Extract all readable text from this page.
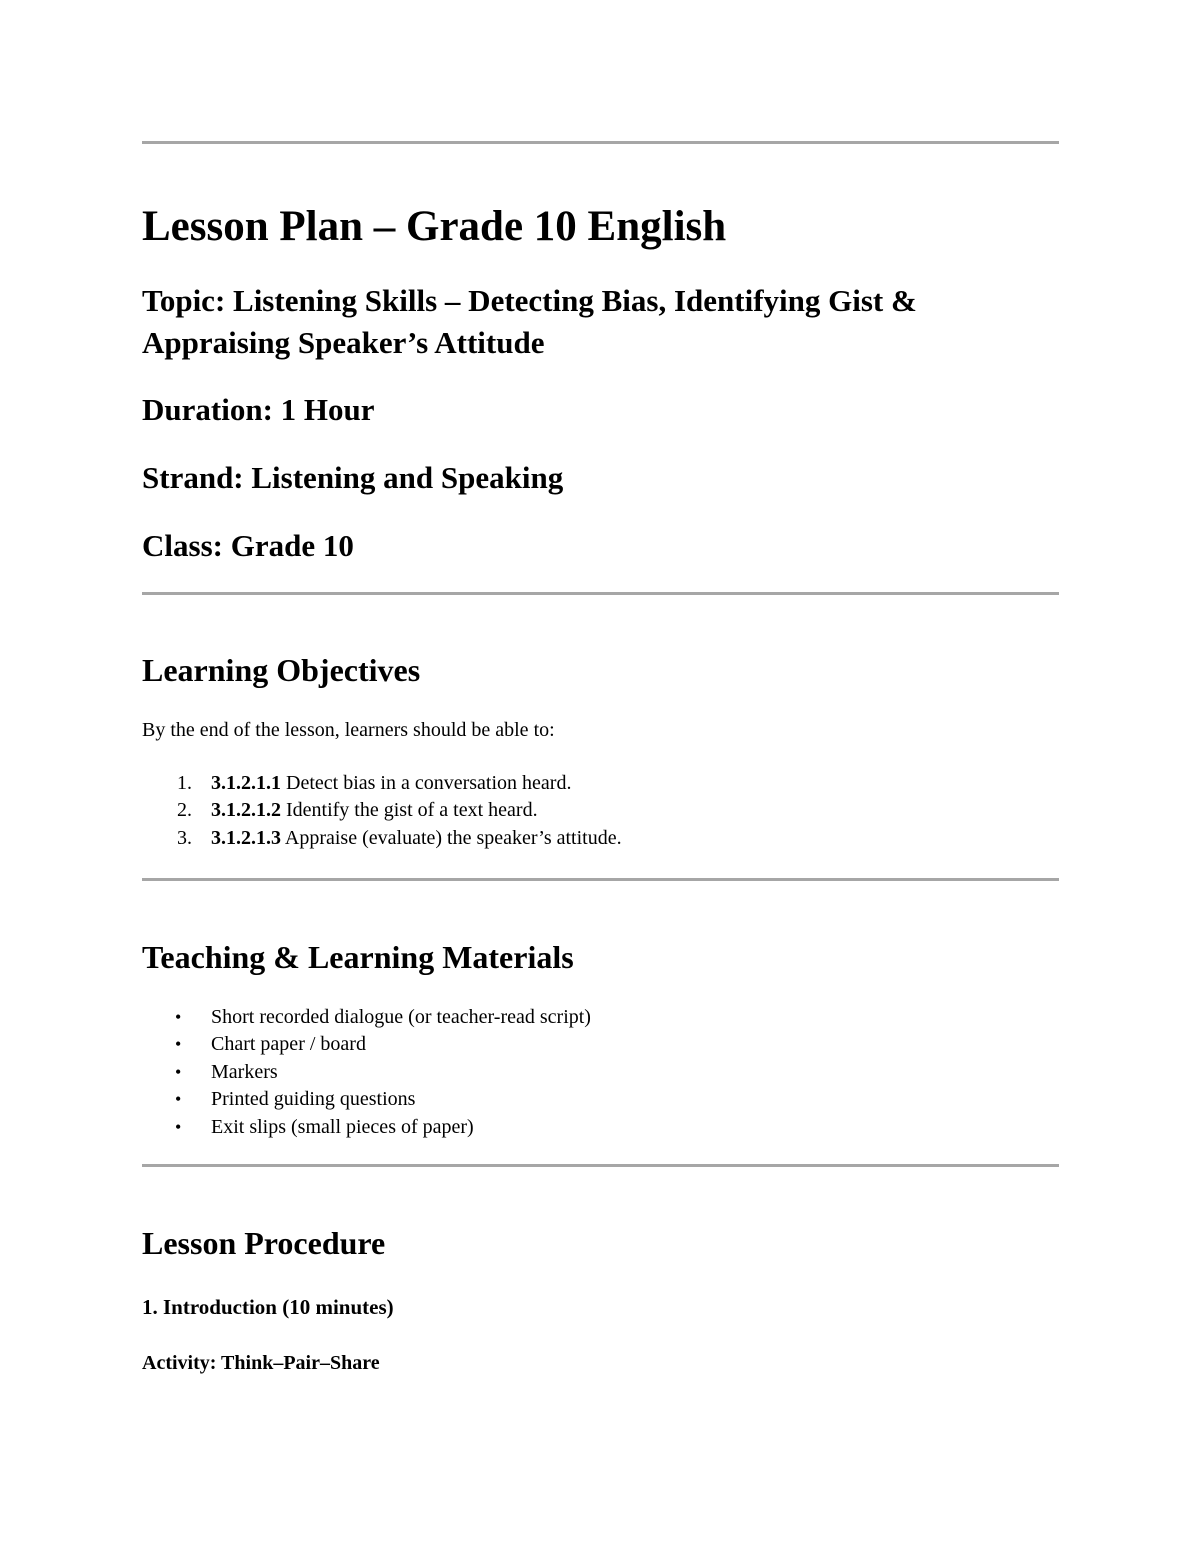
Lesson Plan – Grade 10 English
Topic: Listening Skills – Detecting Bias, Identifying Gist & Appraising Speaker’s Attitude
Duration: 1 Hour
Strand: Listening and Speaking
Class: Grade 10
Learning Objectives

By the end of the lesson, learners should be able to:

1. 3.1.2.1.1 Detect bias in a conversation heard.
2. 3.1.2.1.2 Identify the gist of a text heard.
3. 3.1.2.1.3 Appraise (evaluate) the speaker’s attitude.
Teaching & Learning Materials
• Short recorded dialogue (or teacher-read script)
• Chart paper / board
• Markers
• Printed guiding questions
• Exit slips (small pieces of paper)
Lesson Procedure
1. Introduction (10 minutes)
Activity: Think–Pair–Share
